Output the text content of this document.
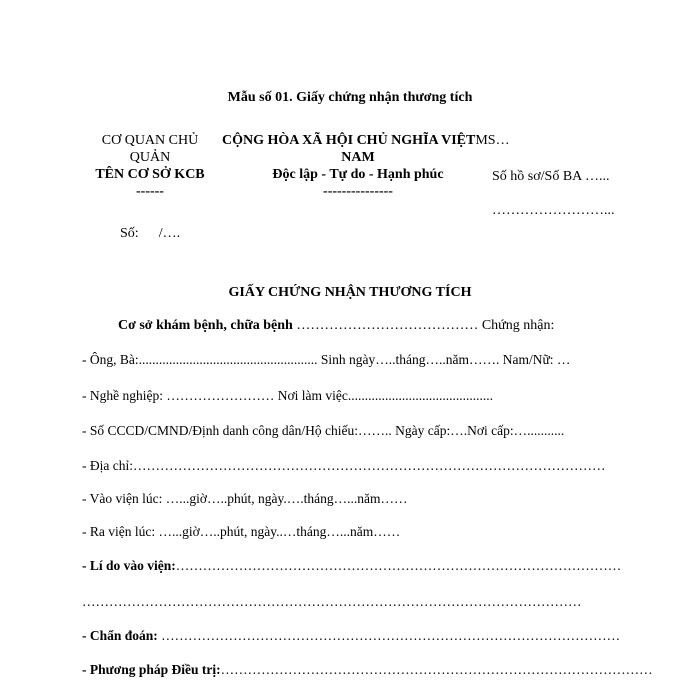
Mẫu số 01. Giấy chứng nhận thương tích
CƠ QUAN CHỦ
QUẢN
TÊN CƠ SỞ KCB
------
CỘNG HÒA XÃ HỘI CHỦ NGHĨA VIỆTMS…
NAM
Độc lập - Tự do - Hạnh phúc
---------------
Số hồ sơ/Số BA …...
……………………...
Số: /….
GIẤY CHỨNG NHẬN THƯƠNG TÍCH
Cơ sở khám bệnh, chữa bệnh ………………………………… Chứng nhận:
- Ông, Bà:..................................................... Sinh ngày…..tháng…..năm……. Nam/Nữ: …
- Nghề nghiệp: …………………… Nơi làm việc...........................................
- Số CCCD/CMND/Định danh công dân/Hộ chiếu:…….. Ngày cấp:….Nơi cấp:…...........
- Địa chỉ:……………………………………………………………………………………………
- Vào viện lúc: …...giờ…..phút, ngày.….tháng…...năm……
- Ra viện lúc: …...giờ…..phút, ngày..…tháng…...năm……
- Lí do vào viện:………………………………………………………………………………………
…………………………………………………………………………………………………
- Chẩn đoán: …………………………………………………………………………………………
- Phương pháp Điều trị:……………………………………………………………………………………
